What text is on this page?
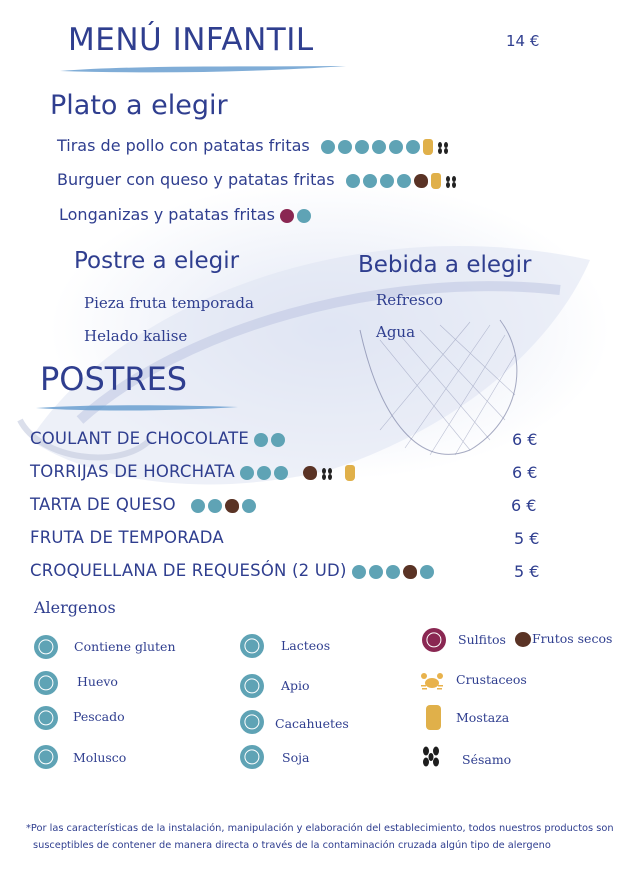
MENÚ INFANTIL	14 €
Plato a elegir
Tiras de pollo con patatas fritas
Burguer con queso y patatas fritas
Longanizas y patatas fritas
Postre a elegir
Pieza fruta temporada
Helado kalise
Bebida a elegir
Refresco
Agua
POSTRES
COULANT DE CHOCOLATE	6 €
TORRIJAS DE HORCHATA	6 €
TARTA DE QUESO	6 €
FRUTA DE TEMPORADA	5 €
CROQUELLANA DE REQUESÓN (2 UD)	5 €
Alergenos
Contiene gluten
Huevo
Pescado
Molusco
Lacteos
Apio
Cacahuetes
Soja
Sulfitos Frutos secos
Crustaceos
Mostaza
Sésamo
*Por las características de la instalación, manipulación y elaboración del establecimiento, todos nuestros productos son
susceptibles de contener de manera directa o través de la contaminación cruzada algún tipo de alergeno
